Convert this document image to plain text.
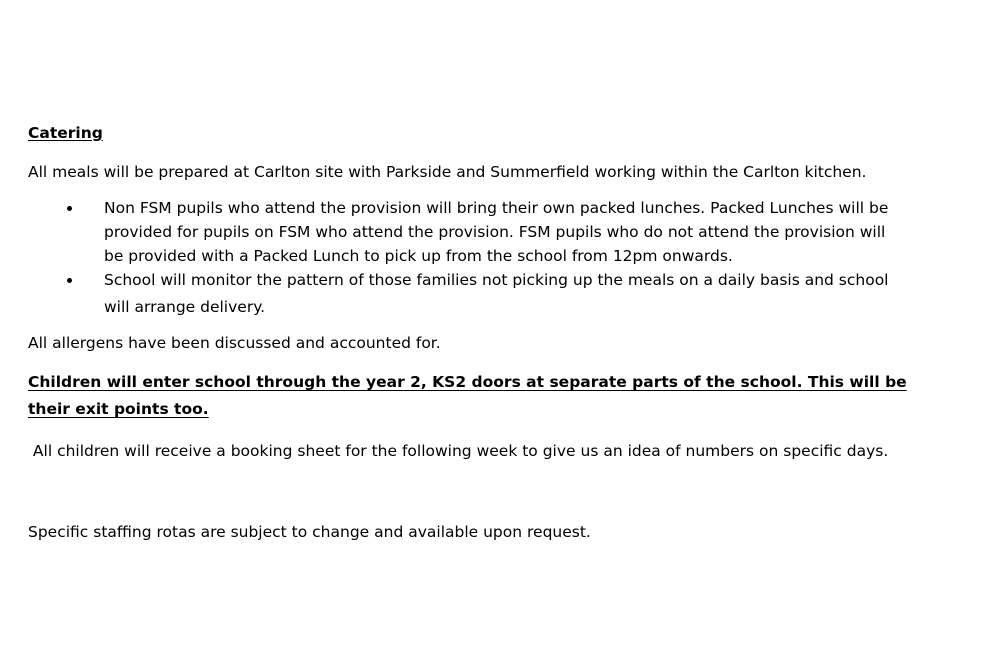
Catering

All meals will be prepared at Carlton site with Parkside and Summerfield working within the Carlton kitchen.

Non FSM pupils who attend the provision will bring their own packed lunches. Packed Lunches will be
provided for pupils on FSM who attend the provision. FSM pupils who do not attend the provision will
be provided with a Packed Lunch to pick up from the school from 12pm onwards.
School will monitor the pattern of those families not picking up the meals on a daily basis and school
will arrange delivery.

All allergens have been discussed and accounted for.

Children will enter school through the year 2, KS2 doors at separate parts of the school. This will be

their exit points too.

All children will receive a booking sheet for the following week to give us an idea of numbers on specific days.

Specific staffing rotas are subject to change and available upon request.
